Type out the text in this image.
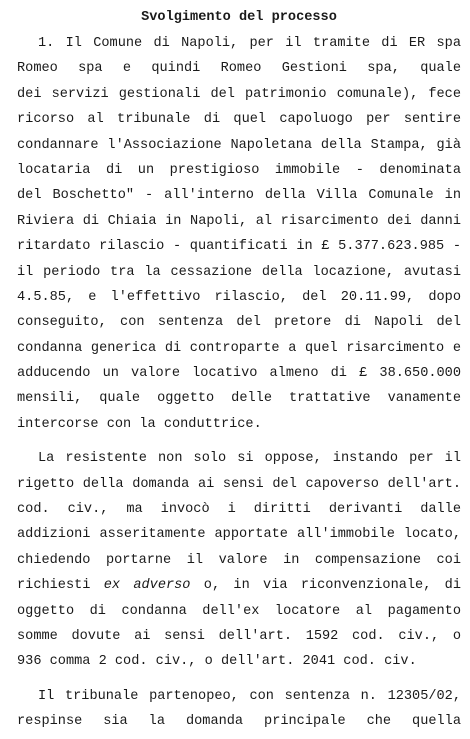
Svolgimento del processo
1. Il Comune di Napoli, per il tramite di ER spa
Romeo spa e quindi Romeo Gestioni spa, quale
dei servizi gestionali del patrimonio comunale), fece
ricorso al tribunale di quel capoluogo per sentire
condannare l'Associazione Napoletana della Stampa, già
locataria di un prestigioso immobile - denominata
del Boschetto" - all'interno della Villa Comunale in
Riviera di Chiaia in Napoli, al risarcimento dei danni
ritardato rilascio - quantificati in £ 5.377.623.985 -
il periodo tra la cessazione della locazione, avutasi
4.5.85, e l'effettivo rilascio, del 20.11.99, dopo
conseguito, con sentenza del pretore di Napoli del
condanna generica di controparte a quel risarcimento e
adducendo un valore locativo almeno di £ 38.650.000
mensili, quale oggetto delle trattative vanamente
intercorse con la conduttrice.
La resistente non solo si oppose, instando per il
rigetto della domanda ai sensi del capoverso dell'art.
cod. civ., ma invocò i diritti derivanti dalle
addizioni asseritamente apportate all'immobile locato,
chiedendo portarne il valore in compensazione coi
richiesti ex adverso o, in via riconvenzionale, di
oggetto di condanna dell'ex locatore al pagamento
somme dovute ai sensi dell'art. 1592 cod. civ., o
936 comma 2 cod. civ., o dell'art. 2041 cod. civ.
Il tribunale partenopeo, con sentenza n. 12305/02,
respinse sia la domanda principale che quella
